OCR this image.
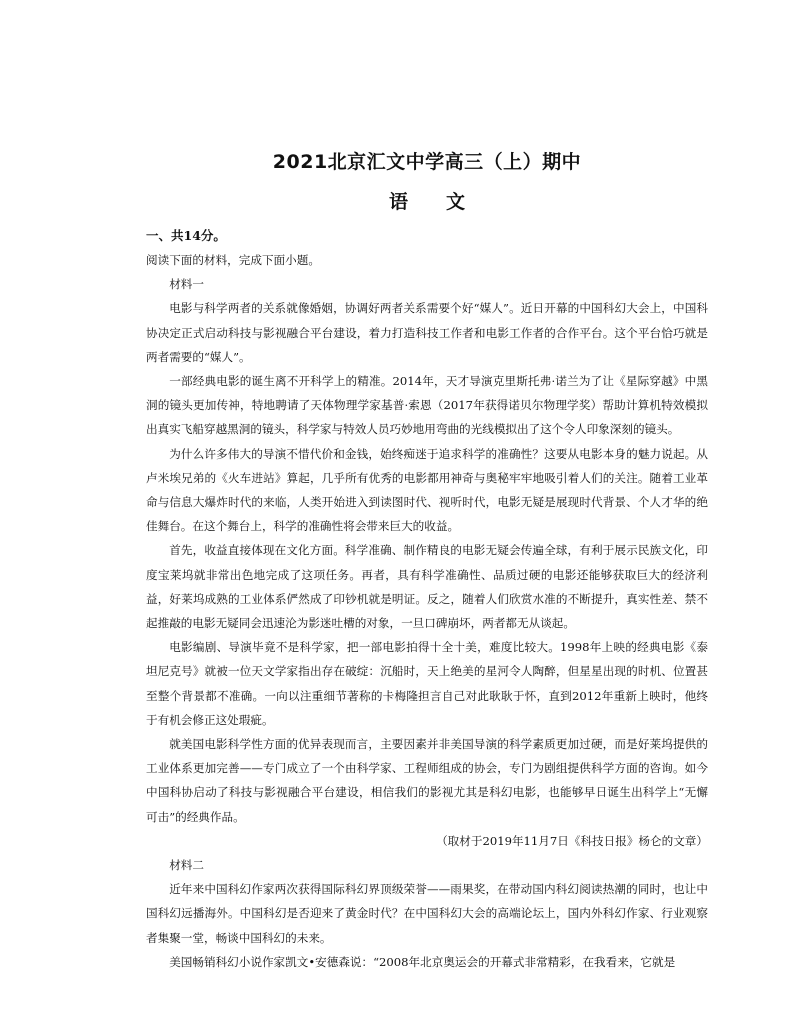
2021北京汇文中学高三（上）期中
语　　文
一、共14分。
阅读下面的材料，完成下面小题。
材料一

电影与科学两者的关系就像婚姻，协调好两者关系需要个好“媒人”。近日开幕的中国科幻大会上，中国科协决定正式启动科技与影视融合平台建设，着力打造科技工作者和电影工作者的合作平台。这个平台恰巧就是两者需要的“媒人”。

一部经典电影的诞生离不开科学上的精准。2014年，天才导演克里斯托弗·诺兰为了让《星际穿越》中黑洞的镜头更加传神，特地聘请了天体物理学家基普·索恩（2017年获得诺贝尔物理学奖）帮助计算机特效模拟出真实飞船穿越黑洞的镜头，科学家与特效人员巧妙地用弯曲的光线模拟出了这个令人印象深刻的镜头。

为什么许多伟大的导演不惜代价和金钱，始终痴迷于追求科学的准确性？这要从电影本身的魅力说起。从卢米埃兄弟的《火车进站》算起，几乎所有优秀的电影都用神奇与奥秘牢牢地吸引着人们的关注。随着工业革命与信息大爆炸时代的来临，人类开始进入到读图时代、视听时代，电影无疑是展现时代背景、个人才华的绝佳舞台。在这个舞台上，科学的准确性将会带来巨大的收益。

首先，收益直接体现在文化方面。科学准确、制作精良的电影无疑会传遍全球，有利于展示民族文化，印度宝莱坞就非常出色地完成了这项任务。再者，具有科学准确性、品质过硬的电影还能够获取巨大的经济利益，好莱坞成熟的工业体系俨然成了印钞机就是明证。反之，随着人们欣赏水准的不断提升，真实性差、禁不起推敲的电影无疑同会迅速沦为影迷吐槽的对象，一旦口碑崩坏，两者都无从谈起。

电影编剧、导演毕竟不是科学家，把一部电影拍得十全十美，难度比较大。1998年上映的经典电影《泰坦尼克号》就被一位天文学家指出存在破绽：沉船时，天上绝美的星河令人陶醉，但星星出现的时机、位置甚至整个背景都不准确。一向以注重细节著称的卡梅隆担言自己对此耿耿于怀，直到2012年重新上映时，他终于有机会修正这处瑕疵。

就美国电影科学性方面的优异表现而言，主要因素并非美国导演的科学素质更加过硬，而是好莱坞提供的工业体系更加完善——专门成立了一个由科学家、工程师组成的协会，专门为剧组提供科学方面的咨询。如今中国科协启动了科技与影视融合平台建设，相信我们的影视尤其是科幻电影，也能够早日诞生出科学上“无懈可击”的经典作品。

（取材于2019年11月7日《科技日报》杨仑的文章）
材料二

近年来中国科幻作家两次获得国际科幻界顶级荣誉——雨果奖，在带动国内科幻阅读热潮的同时，也让中国科幻远播海外。中国科幻是否迎来了黄金时代？在中国科幻大会的高端论坛上，国内外科幻作家、行业观察者集聚一堂，畅谈中国科幻的未来。

美国畅销科幻小说作家凯文•安德森说：“2008年北京奥运会的开幕式非常精彩，在我看来，它就是
